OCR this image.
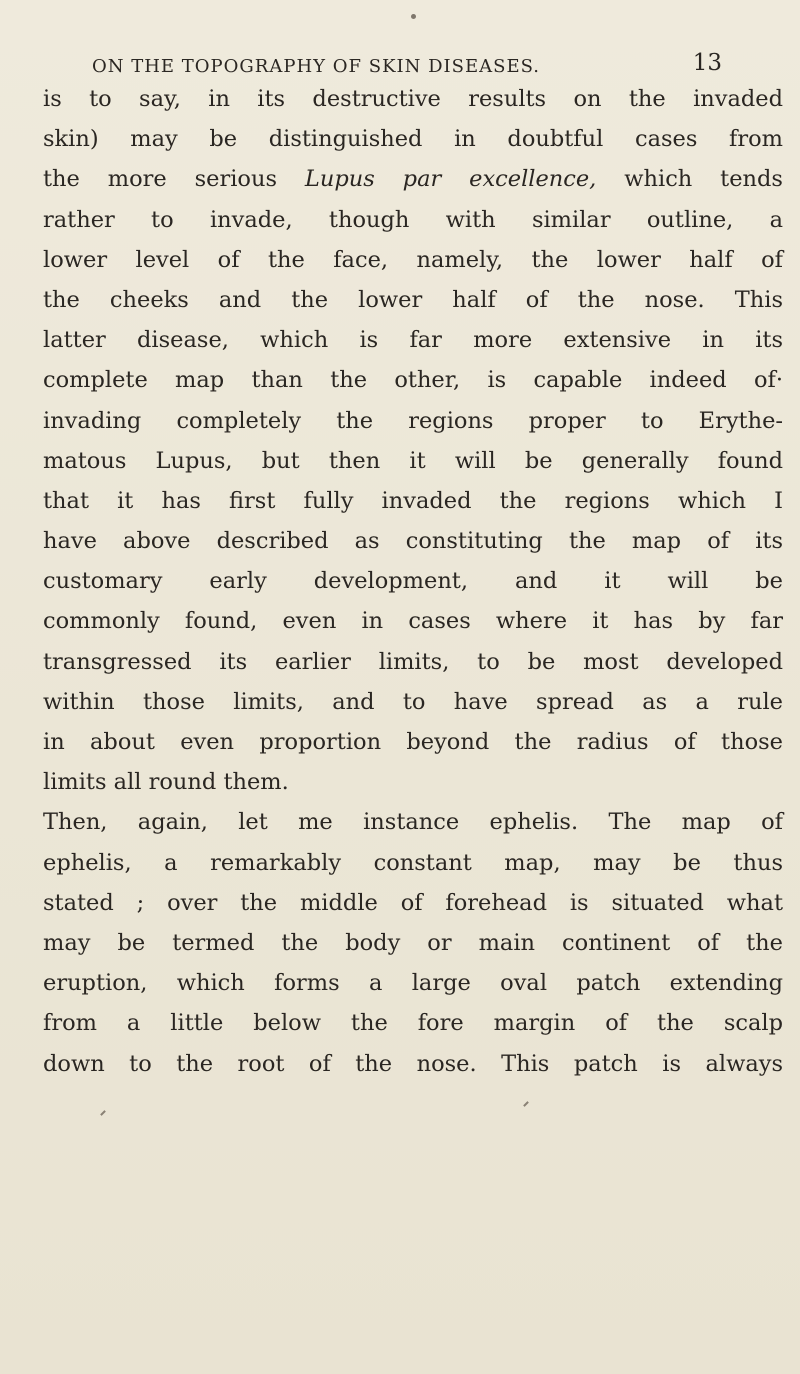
ON THE TOPOGRAPHY OF SKIN DISEASES.	13
is to say, in its destructive results on the invaded
skin) may be distinguished in doubtful cases from
the more serious Lupus par excellence, which tends
rather to invade, though with similar outline, a
lower level of the face, namely, the lower half of
the cheeks and the lower half of the nose. This
latter disease, which is far more extensive in its
complete map than the other, is capable indeed of·
invading completely the regions proper to Erythe-
matous Lupus, but then it will be generally found
that it has first fully invaded the regions which I
have above described as constituting the map of its
customary early development, and it will be
commonly found, even in cases where it has by far
transgressed its earlier limits, to be most developed
within those limits, and to have spread as a rule
in about even proportion beyond the radius of those
limits all round them.
Then, again, let me instance ephelis. The map of
ephelis, a remarkably constant map, may be thus
stated ; over the middle of forehead is situated what
may be termed the body or main continent of the
eruption, which forms a large oval patch extending
from a little below the fore margin of the scalp
down to the root of the nose. This patch is always
